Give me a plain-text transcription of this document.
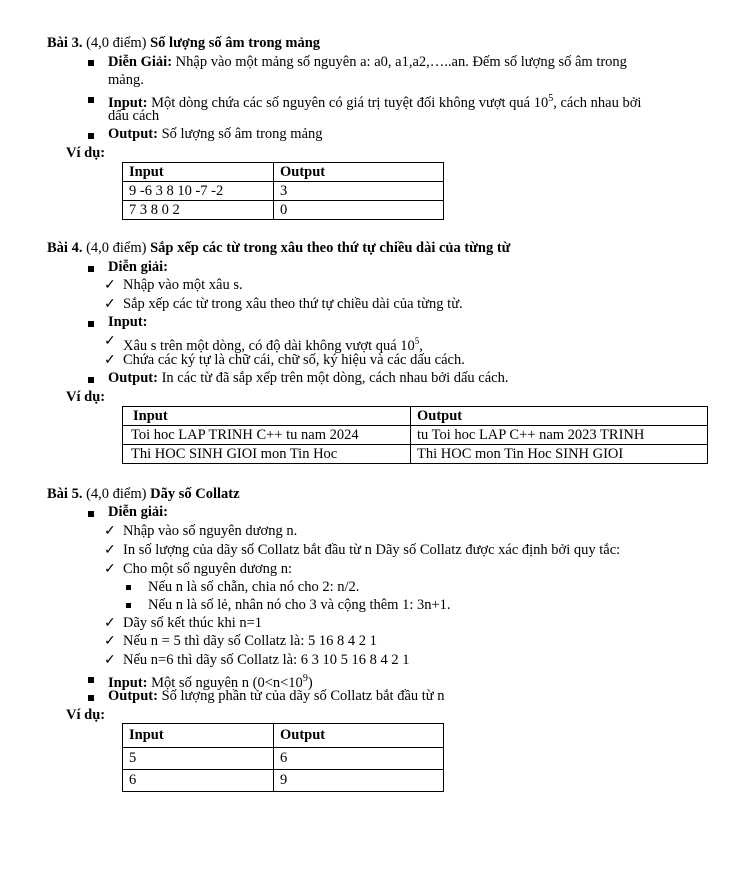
Bài 3. (4,0 điểm) Số lượng số âm trong mảng
Diễn Giải: Nhập vào một mảng số nguyên a: a0, a1,a2,…..an. Đếm số lượng số âm trong
mảng.
Input: Một dòng chứa các số nguyên có giá trị tuyệt đối không vượt quá $10^5$, cách nhau bởi
dấu cách
Output: Số lượng số âm trong mảng
Ví dụ:
Input	Output
9 -6 3 8 10 -7 -2	3
7 3 8 0 2	0
Bài 4. (4,0 điểm) Sắp xếp các từ trong xâu theo thứ tự chiều dài của từng từ
Diễn giải:
✓ Nhập vào một xâu s.
✓ Sắp xếp các từ trong xâu theo thứ tự chiều dài của từng từ.
Input:
✓ Xâu s trên một dòng, có độ dài không vượt quá $10^5$,
✓ Chứa các ký tự là chữ cái, chữ số, ký hiệu và các dấu cách.
Output: In các từ đã sắp xếp trên một dòng, cách nhau bởi dấu cách.
Ví dụ:
Input	Output
Toi hoc LAP TRINH C++ tu nam 2024	tu Toi hoc LAP C++ nam 2023 TRINH
Thi HOC SINH GIOI mon Tin Hoc	Thi HOC mon Tin Hoc SINH GIOI
Bài 5. (4,0 điểm) Dãy số Collatz
Diễn giải:
✓ Nhập vào số nguyên dương n.
✓ In số lượng của dãy số Collatz bắt đầu từ n Dãy số Collatz được xác định bởi quy tắc:
✓ Cho một số nguyên dương n:
Nếu n là số chẵn, chia nó cho 2: n/2.
Nếu n là số lẻ, nhân nó cho 3 và cộng thêm 1: 3n+1.
✓ Dãy số kết thúc khi n=1
✓ Nếu n = 5 thì dãy số Collatz là: 5 16 8 4 2 1
✓ Nếu n=6 thì dãy số Collatz là: 6 3 10 5 16 8 4 2 1
Input: Một số nguyên n $(0<n<10^9)$
Output: Số lượng phần tử của dãy số Collatz bắt đầu từ n
Ví dụ:
Input	Output
5	6
6	9
